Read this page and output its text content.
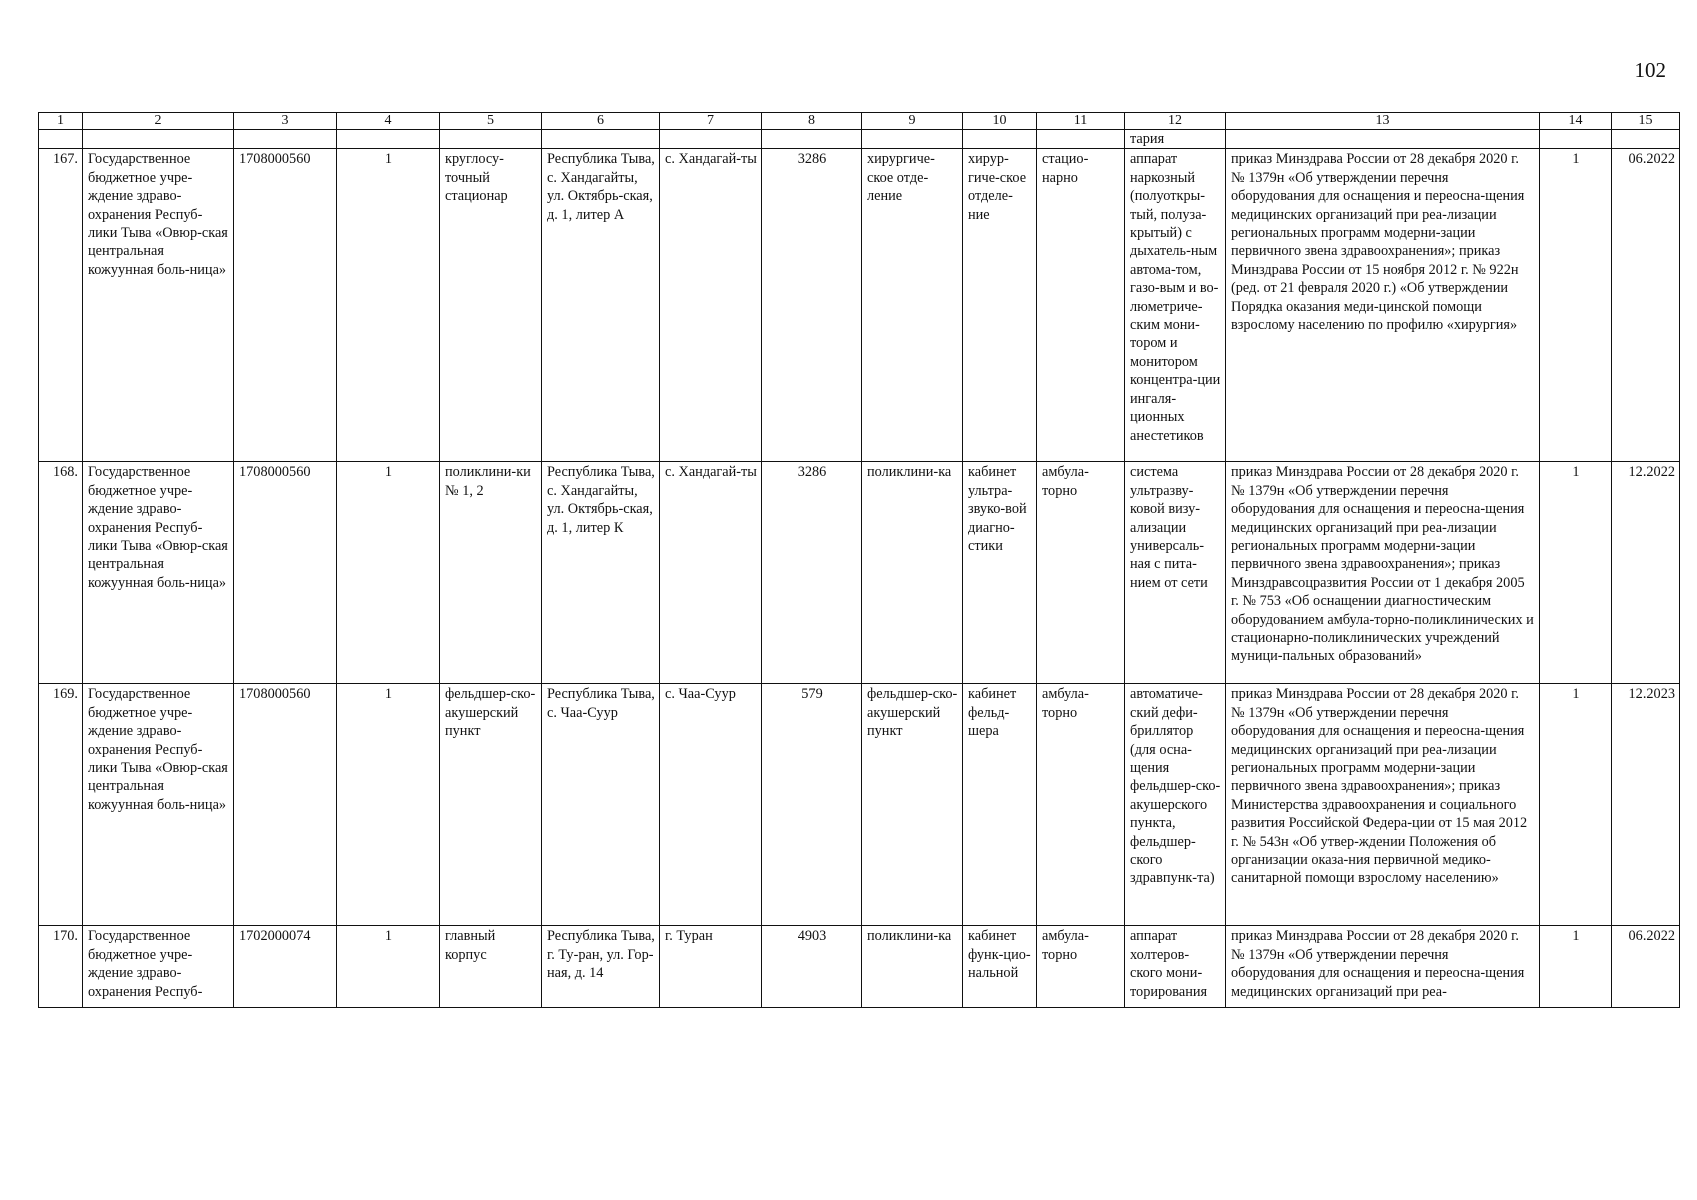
102
1	2	3	4	5	6	7	8	9	10	11	12	13	14	15
											тария			
167.	Государственное бюджетное учре-ждение здраво-охранения Респуб-лики Тыва «Овюр-ская центральная кожуунная боль-ница»	1708000560	1	круглосу-точный стационар	Республика Тыва, с. Хандагайты, ул. Октябрь-ская, д. 1, литер А	с. Хандагай-ты	3286	хирургиче-ское отде-ление	хирур-гиче-ское отделе-ние	стацио-нарно	аппарат наркозный (полуоткры-тый, полуза-крытый) с дыхатель-ным автома-том, газо-вым и во-люметриче-ским мони-тором и монитором концентра-ции ингаля-ционных анестетиков	приказ Минздрава России от 28 декабря 2020 г. № 1379н «Об утверждении перечня оборудования для оснащения и переосна-щения медицинских организаций при реа-лизации региональных программ модерни-зации первичного звена здравоохранения»; приказ Минздрава России от 15 ноября 2012 г. № 922н (ред. от 21 февраля 2020 г.) «Об утверждении Порядка оказания меди-цинской помощи взрослому населению по профилю «хирургия»	1	06.2022
168.	Государственное бюджетное учре-ждение здраво-охранения Респуб-лики Тыва «Овюр-ская центральная кожуунная боль-ница»	1708000560	1	поликлини-ки № 1, 2	Республика Тыва, с. Хандагайты, ул. Октябрь-ская, д. 1, литер К	с. Хандагай-ты	3286	поликлини-ка	кабинет ультра-звуко-вой диагно-стики	амбула-торно	система ультразву-ковой визу-ализации универсаль-ная с пита-нием от сети	приказ Минздрава России от 28 декабря 2020 г. № 1379н «Об утверждении перечня оборудования для оснащения и переосна-щения медицинских организаций при реа-лизации региональных программ модерни-зации первичного звена здравоохранения»; приказ Минздравсоцразвития России от 1 декабря 2005 г. № 753 «Об оснащении диагностическим оборудованием амбула-торно-поликлинических и стационарно-поликлинических учреждений муници-пальных образований»	1	12.2022
169.	Государственное бюджетное учре-ждение здраво-охранения Респуб-лики Тыва «Овюр-ская центральная кожуунная боль-ница»	1708000560	1	фельдшер-ско-акушерский пункт	Республика Тыва, с. Чаа-Суур	с. Чаа-Суур	579	фельдшер-ско-акушерский пункт	кабинет фельд-шера	амбула-торно	автоматиче-ский дефи-бриллятор (для осна-щения фельдшер-ско-акушерского пункта, фельдшер-ского здравпунк-та)	приказ Минздрава России от 28 декабря 2020 г. № 1379н «Об утверждении перечня оборудования для оснащения и переосна-щения медицинских организаций при реа-лизации региональных программ модерни-зации первичного звена здравоохранения»; приказ Министерства здравоохранения и социального развития Российской Федера-ции от 15 мая 2012 г. № 543н «Об утвер-ждении Положения об организации оказа-ния первичной медико-санитарной помощи взрослому населению»	1	12.2023
170.	Государственное бюджетное учре-ждение здраво-охранения Респуб-	1702000074	1	главный корпус	Республика Тыва, г. Ту-ран, ул. Гор-ная, д. 14	г. Туран	4903	поликлини-ка	кабинет функ-цио-нальной	амбула-торно	аппарат холтеров-ского мони-торирования	приказ Минздрава России от 28 декабря 2020 г. № 1379н «Об утверждении перечня оборудования для оснащения и переосна-щения медицинских организаций при реа-	1	06.2022
